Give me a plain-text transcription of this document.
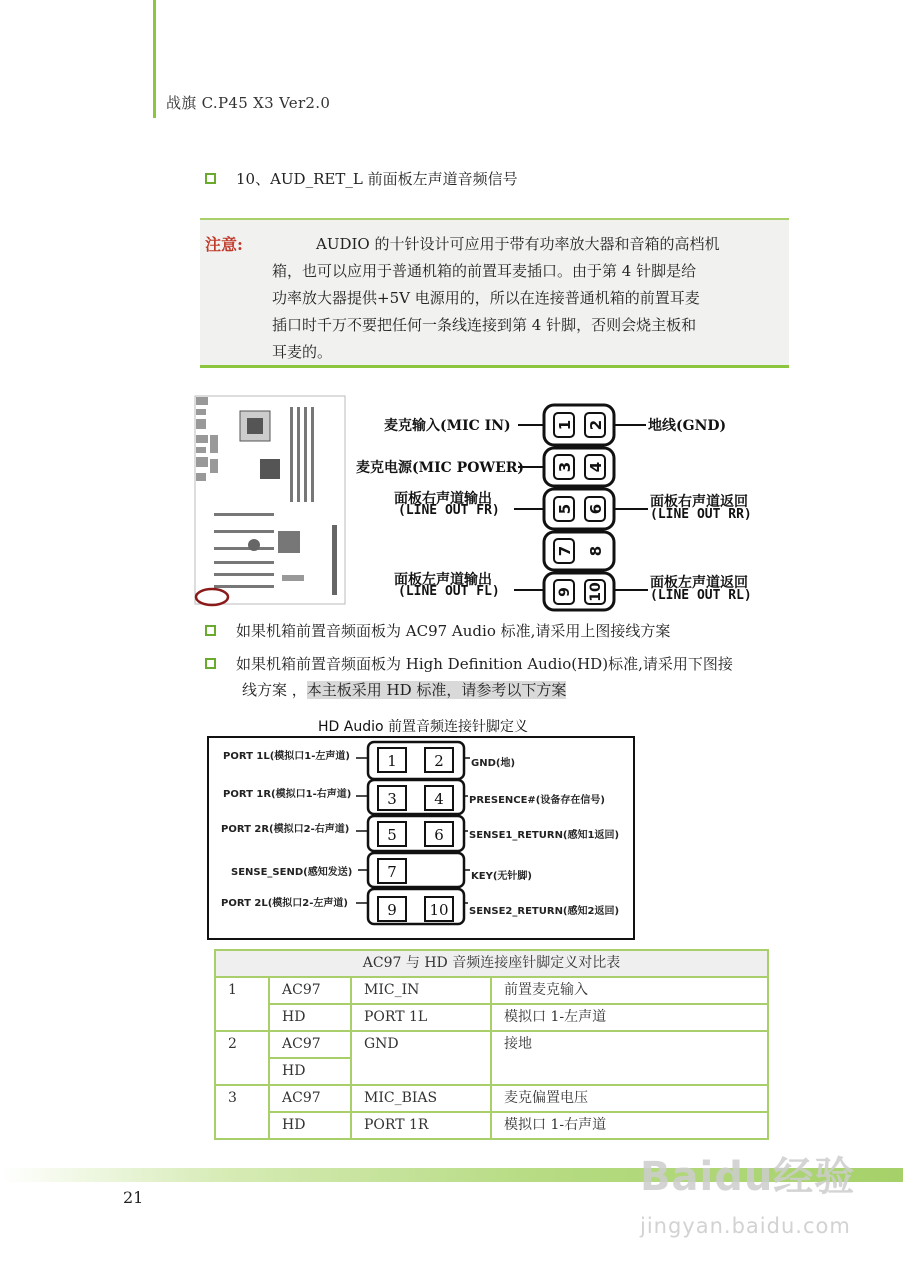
战旗 C.P45 X3 Ver2.0
10、AUD_RET_L 前面板左声道音频信号
注意:	AUDIO 的十针设计可应用于带有功率放大器和音箱的高档机
箱，也可以应用于普通机箱的前置耳麦插口。由于第 4 针脚是给
功率放大器提供+5V 电源用的，所以在连接普通机箱的前置耳麦
插口时千万不要把任何一条线连接到第 4 针脚，否则会烧主板和
耳麦的。
麦克输入(MIC IN)
麦克电源(MIC POWER)
面板右声道输出
(LINE OUT FR)
面板左声道输出
(LINE OUT FL)
地线(GND)
面板右声道返回
(LINE OUT RR)
面板左声道返回
(LINE OUT RL)
1 2
3 4
5 6
7 8
9 10
如果机箱前置音频面板为 AC97 Audio 标准,请采用上图接线方案
如果机箱前置音频面板为 High Definition Audio(HD)标准,请采用下图接
线方案 ，本主板采用 HD 标准，请参考以下方案
HD Audio 前置音频连接针脚定义
PORT 1L(模拟口1-左声道)
PORT 1R(模拟口1-右声道)
PORT 2R(模拟口2-右声道)
SENSE_SEND(感知发送)
PORT 2L(模拟口2-左声道)
GND(地)
PRESENCE#(设备存在信号)
SENSE1_RETURN(感知1返回)
KEY(无针脚)
SENSE2_RETURN(感知2返回)
1 2
3 4
5 6
7
9 10
AC97 与 HD 音频连接座针脚定义对比表			
1	AC97	MIC_IN	前置麦克输入
	HD	PORT 1L	模拟口 1-左声道
2	AC97	GND	接地
	HD		
3	AC97	MIC_BIAS	麦克偏置电压
	HD	PORT 1R	模拟口 1-右声道
21	Baidu经验
jingyan.baidu.com
